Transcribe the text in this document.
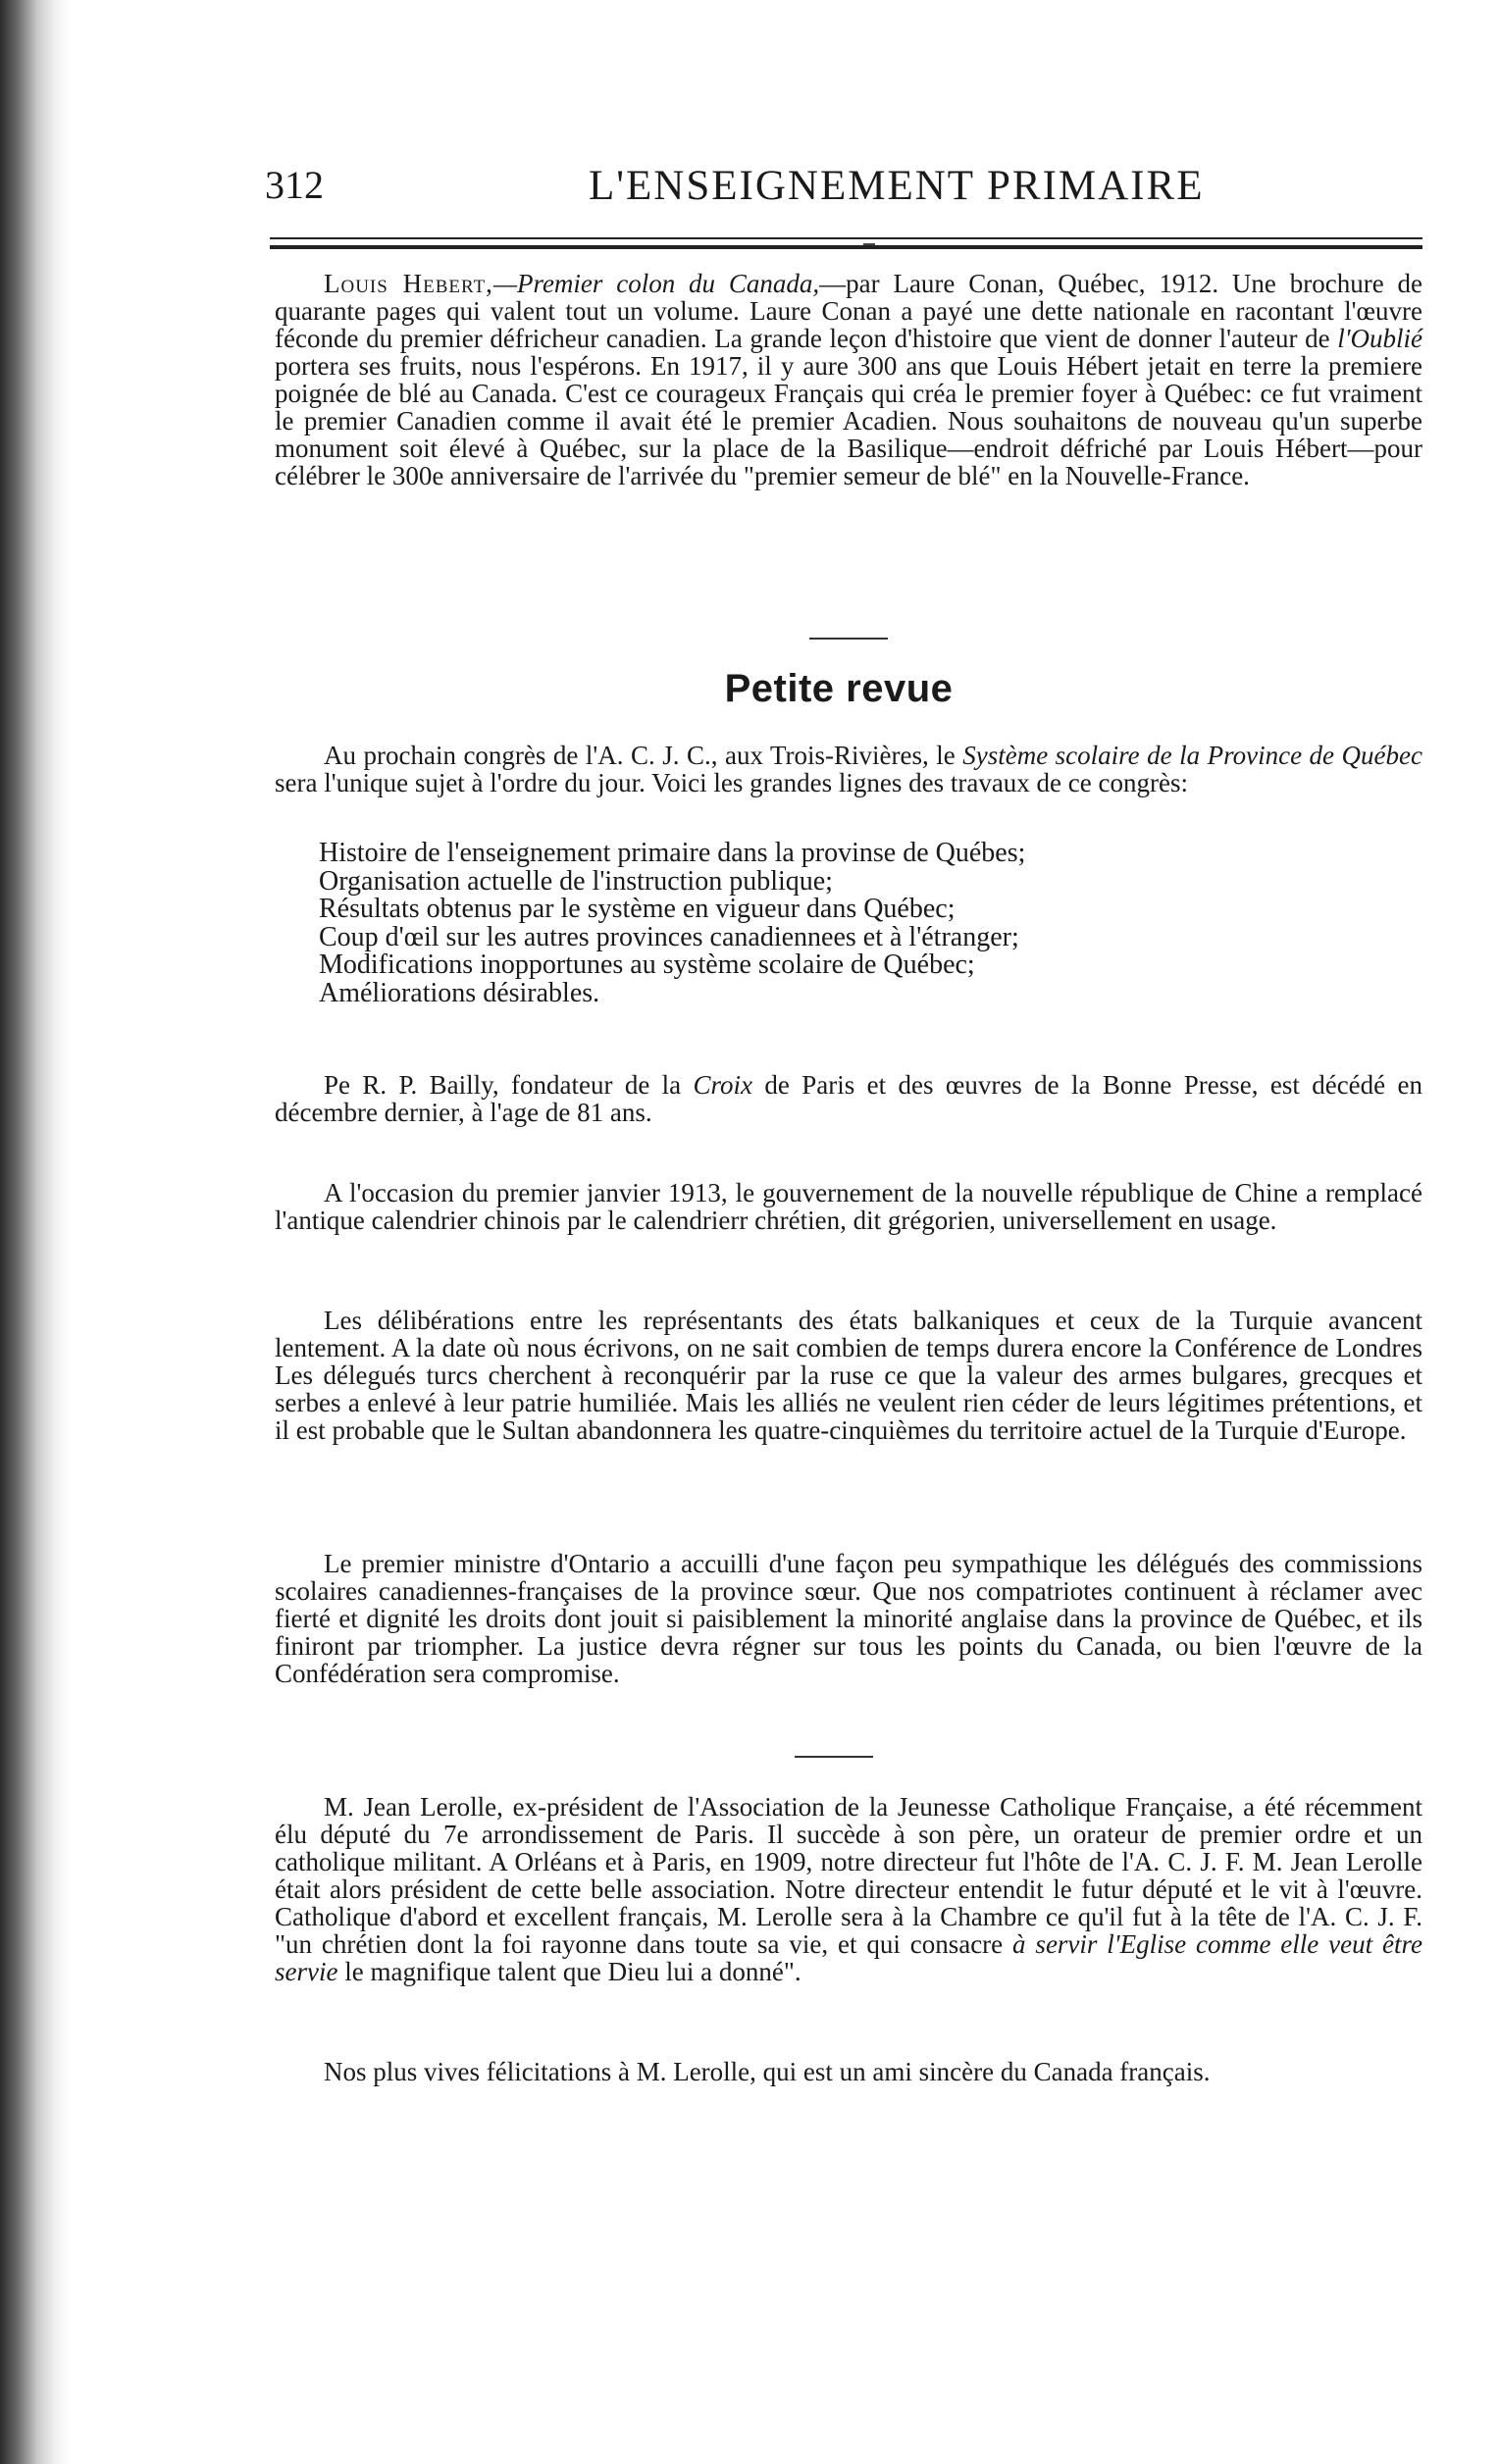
312	L'ENSEIGNEMENT PRIMAIRE

Louis Hebert,—Premier colon du Canada,—par Laure Conan, Québec, 1912. Une brochure de quarante pages qui valent tout un volume. Laure Conan a payé une dette nationale en racontant l'œuvre féconde du premier défricheur canadien. La grande leçon d'histoire que vient de donner l'auteur de l'Oublié portera ses fruits, nous l'espérons. En 1917, il y aure 300 ans que Louis Hébert jetait en terre la premiere poignée de blé au Canada. C'est ce courageux Français qui créa le premier foyer à Québec: ce fut vraiment le premier Canadien comme il avait été le premier Acadien. Nous souhaitons de nouveau qu'un superbe monument soit élevé à Québec, sur la place de la Basilique—endroit défriché par Louis Hébert—pour célébrer le 300e anniversaire de l'arrivée du "premier semeur de blé" en la Nouvelle-France.

Petite revue

Au prochain congrès de l'A. C. J. C., aux Trois-Rivières, le Système scolaire de la Province de Québec sera l'unique sujet à l'ordre du jour. Voici les grandes lignes des travaux de ce congrès:

Histoire de l'enseignement primaire dans la provinse de Québes;
Organisation actuelle de l'instruction publique;
Résultats obtenus par le système en vigueur dans Québec;
Coup d'œil sur les autres provinces canadiennees et à l'étranger;
Modifications inopportunes au système scolaire de Québec;
Améliorations désirables.

Pe R. P. Bailly, fondateur de la Croix de Paris et des œuvres de la Bonne Presse, est décédé en décembre dernier, à l'age de 81 ans.

A l'occasion du premier janvier 1913, le gouvernement de la nouvelle république de Chine a remplacé l'antique calendrier chinois par le calendrierr chrétien, dit grégorien, universellement en usage.

Les délibérations entre les représentants des états balkaniques et ceux de la Turquie avancent lentement. A la date où nous écrivons, on ne sait combien de temps durera encore la Conférence de Londres Les délegués turcs cherchent à reconquérir par la ruse ce que la valeur des armes bulgares, grecques et serbes a enlevé à leur patrie humiliée. Mais les alliés ne veulent rien céder de leurs légitimes prétentions, et il est probable que le Sultan abandonnera les quatre-cinquièmes du territoire actuel de la Turquie d'Europe.

Le premier ministre d'Ontario a accuilli d'une façon peu sympathique les délégués des commissions scolaires canadiennes-françaises de la province sœur. Que nos compatriotes continuent à réclamer avec fierté et dignité les droits dont jouit si paisiblement la minorité anglaise dans la province de Québec, et ils finiront par triompher. La justice devra régner sur tous les points du Canada, ou bien l'œuvre de la Confédération sera compromise.

M. Jean Lerolle, ex-président de l'Association de la Jeunesse Catholique Française, a été récemment élu député du 7e arrondissement de Paris. Il succède à son père, un orateur de premier ordre et un catholique militant. A Orléans et à Paris, en 1909, notre directeur fut l'hôte de l'A. C. J. F. M. Jean Lerolle était alors président de cette belle association. Notre directeur entendit le futur député et le vit à l'œuvre. Catholique d'abord et excellent français, M. Lerolle sera à la Chambre ce qu'il fut à la tête de l'A. C. J. F. "un chrétien dont la foi rayonne dans toute sa vie, et qui consacre à servir l'Eglise comme elle veut être servie le magnifique talent que Dieu lui a donné".

Nos plus vives félicitations à M. Lerolle, qui est un ami sincère du Canada français.
